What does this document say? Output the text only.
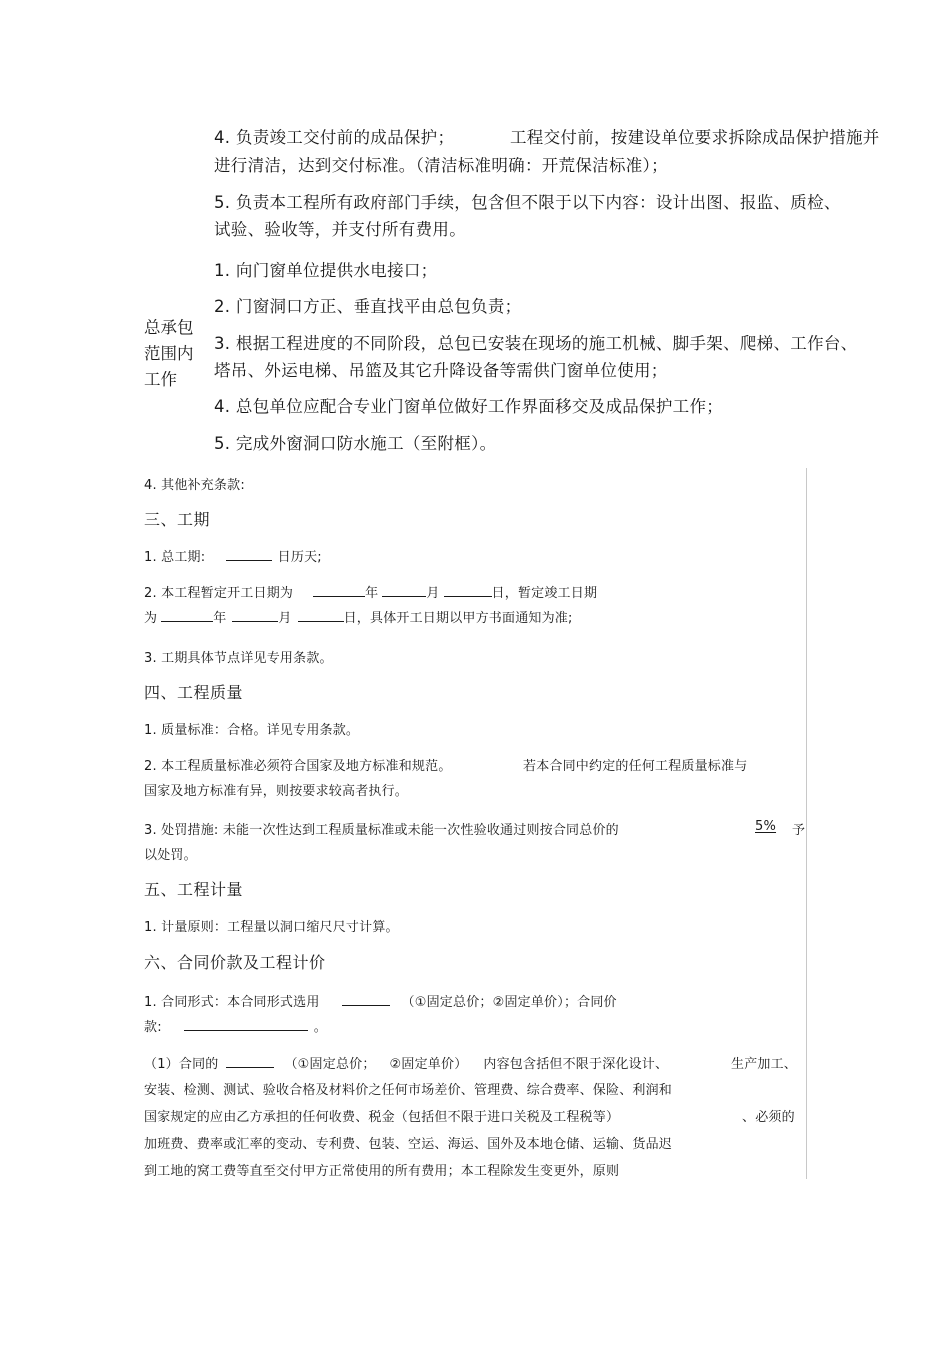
4. 负责竣工交付前的成品保护；	工程交付前，按建设单位要求拆除成品保护措施并
进行清洁，达到交付标准。（清洁标准明确：开荒保洁标准）；
5. 负责本工程所有政府部门手续，包含但不限于以下内容：设计出图、报监、质检、
试验、验收等，并支付所有费用。
总承包
范围内
工作
1. 向门窗单位提供水电接口；
2. 门窗洞口方正、垂直找平由总包负责；
3. 根据工程进度的不同阶段，总包已安装在现场的施工机械、脚手架、爬梯、工作台、
塔吊、外运电梯、吊篮及其它升降设备等需供门窗单位使用；
4. 总包单位应配合专业门窗单位做好工作界面移交及成品保护工作；
5. 完成外窗洞口防水施工（至附框）。
4. 其他补充条款:
三、工期
1. 总工期:	日历天;
2. 本工程暂定开工日期为	年	月	日，暂定竣工日期
为	年	月	日，具体开工日期以甲方书面通知为准;
3. 工期具体节点详见专用条款。
四、工程质量
1. 质量标准：合格。详见专用条款。
2. 本工程质量标准必须符合国家及地方标准和规范。	若本合同中约定的任何工程质量标准与
国家及地方标准有异，则按要求较高者执行。
3. 处罚措施: 未能一次性达到工程质量标准或未能一次性验收通过则按合同总价的	5%	予
以处罚。
五、工程计量
1. 计量原则：工程量以洞口缩尺尺寸计算。
六、合同价款及工程计价
1. 合同形式：本合同形式选用	（①固定总价；②固定单价）；合同价
款:	。
（1）合同的	（①固定总价； ②固定单价） 内容包含括但不限于深化设计、	生产加工、
安装、检测、测试、验收合格及材料价之任何市场差价、管理费、综合费率、保险、利润和
国家规定的应由乙方承担的任何收费、税金（包括但不限于进口关税及工程税等）	、必须的
加班费、费率或汇率的变动、专利费、包装、空运、海运、国外及本地仓储、运输、货品迟
到工地的窝工费等直至交付甲方正常使用的所有费用；本工程除发生变更外，原则
